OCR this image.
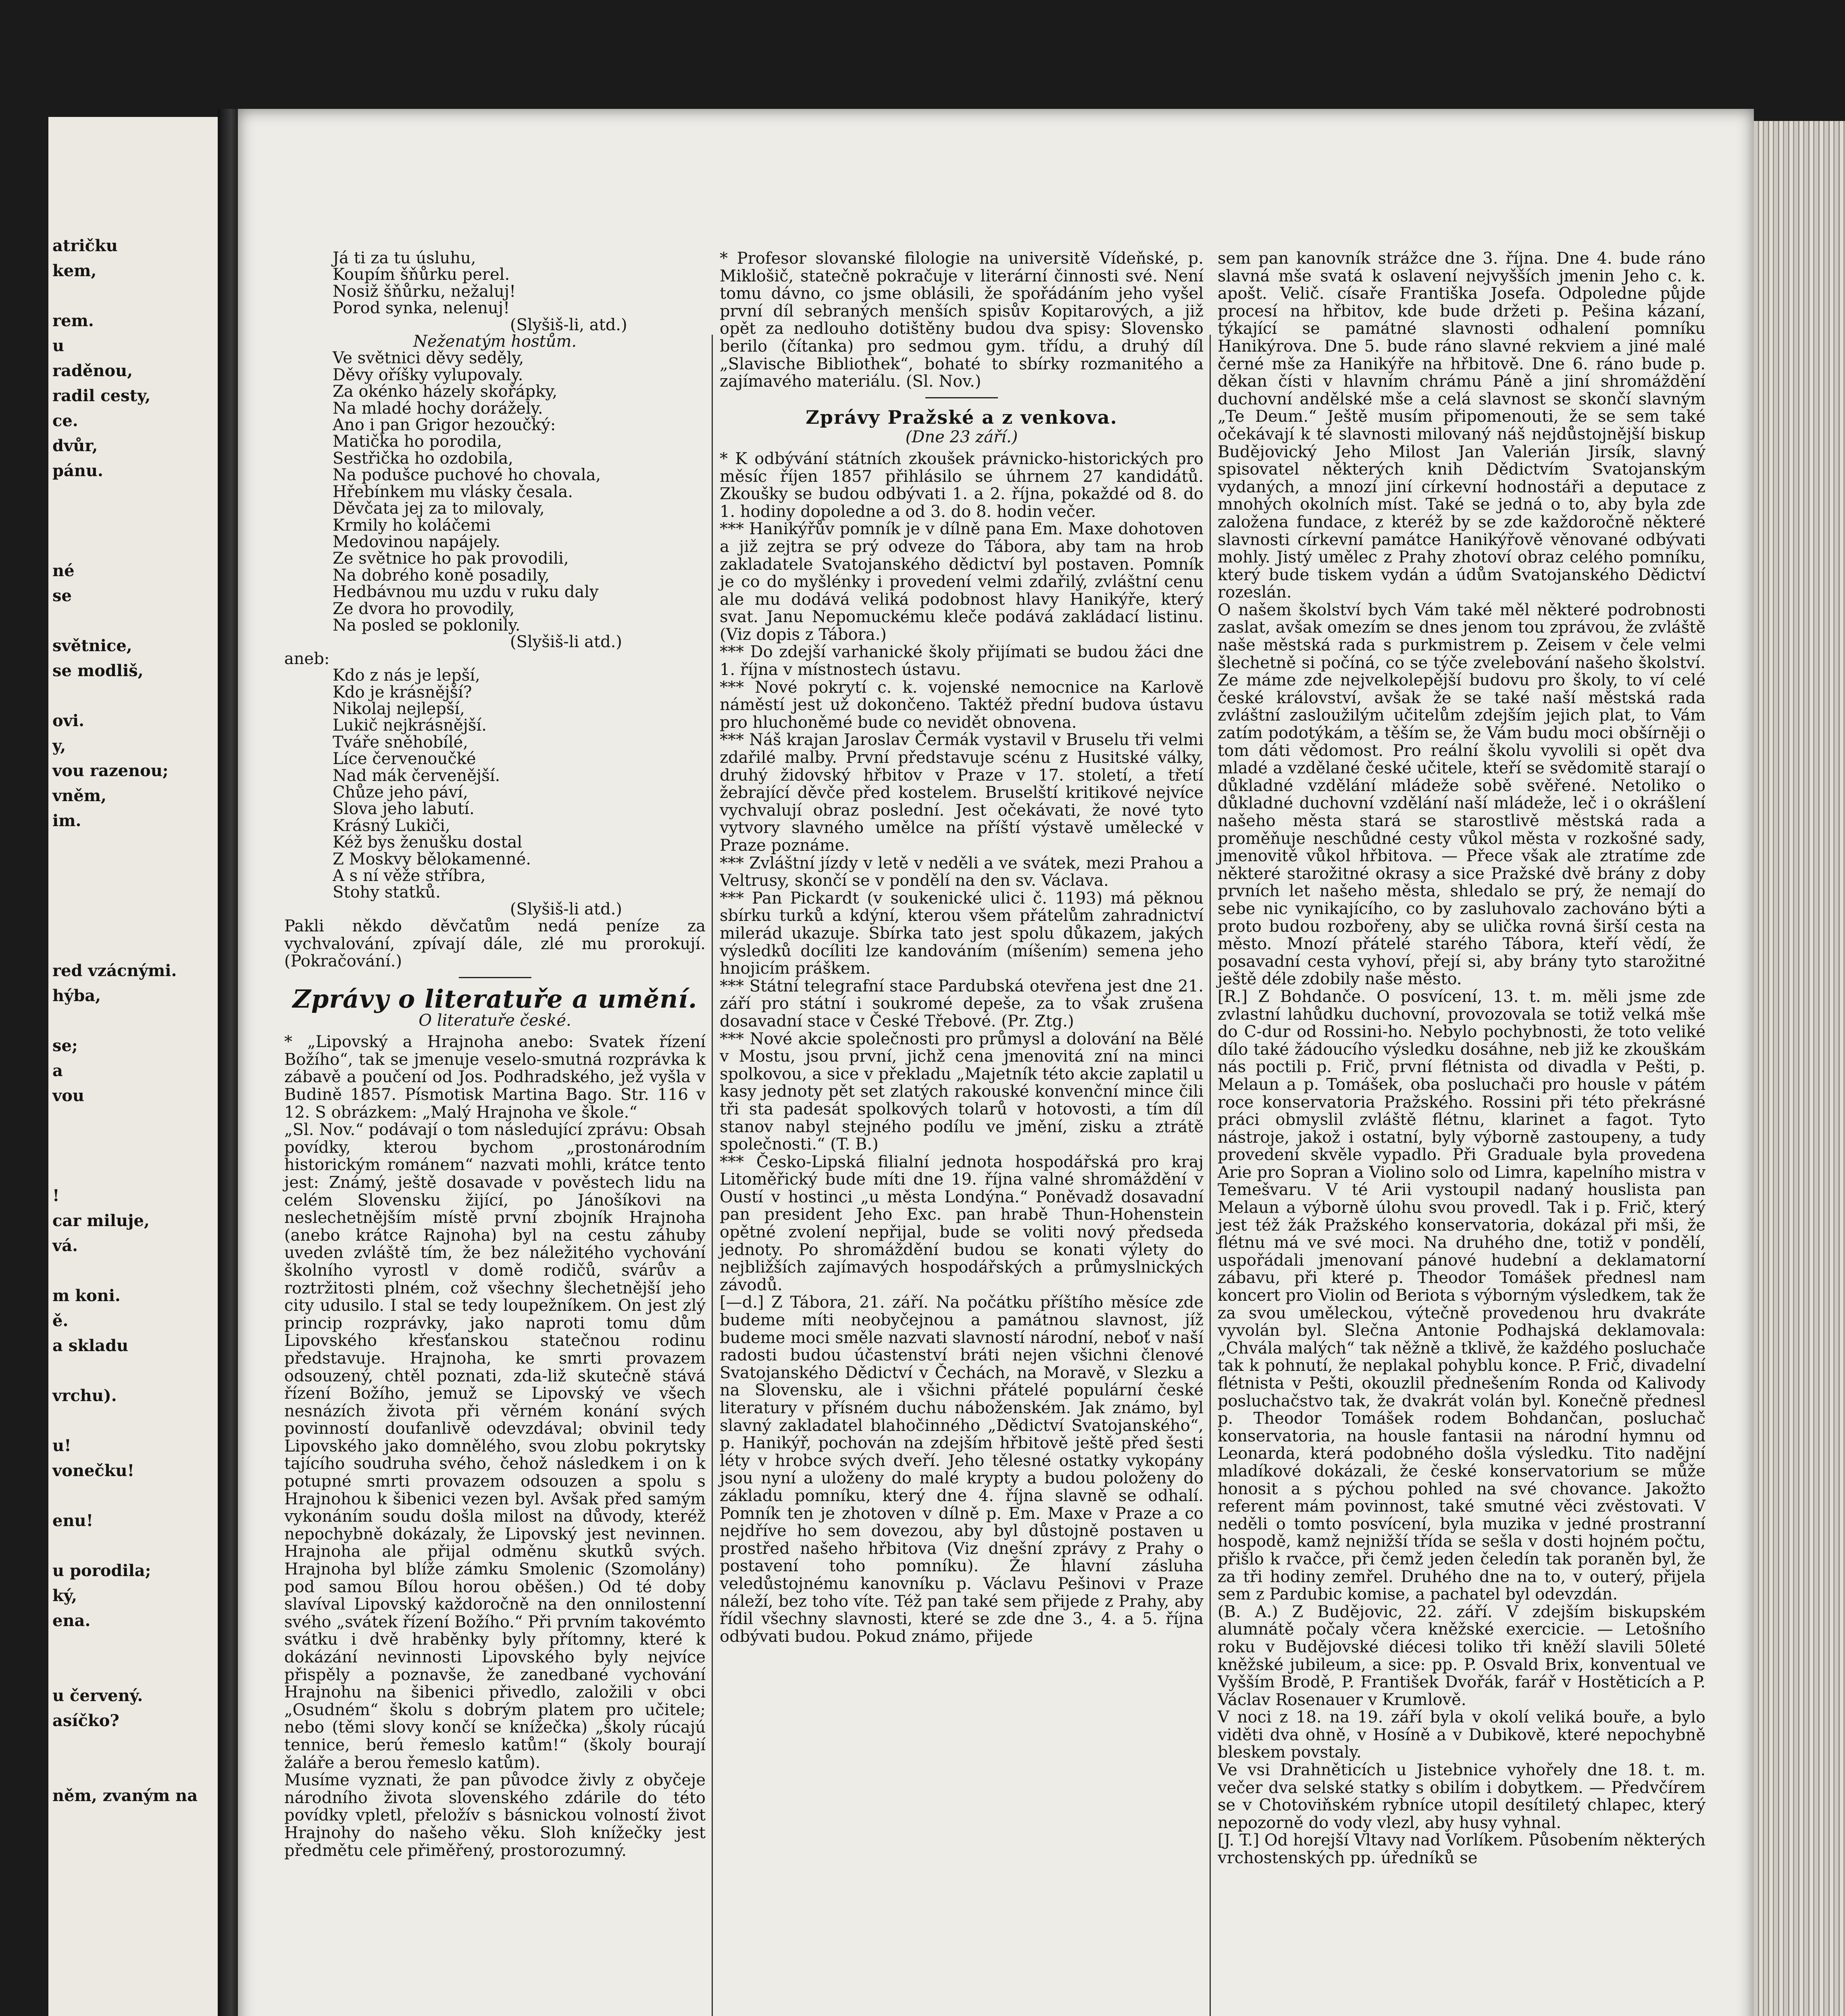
atričku
kem,
rem.
u
raděnou,
radil cesty,
ce.
dvůr,
pánu.
né
se
světnice,
se modliš,
ovi.
y,
vou razenou;
vněm,
im.
red vzácnými.
hýba,
se;
a
vou
!
car miluje,
vá.
m koni.
ě.
a skladu
vrchu).
u!
vonečku!
enu!
u porodila;
ký,
ena.
u červený.
asíčko?
něm, zvaným na
Já ti za tu úsluhu,
Koupím šňůrku perel.
Nosiž šňůrku, nežaluj!
Porod synka, nelenuj!
(Slyšiš-li, atd.)
Neženatým hostům.
Ve světnici děvy seděly,
Děvy oříšky vylupovaly.
Za okénko házely skořápky,
Na mladé hochy dorážely.
Ano i pan Grigor hezoučký:
Matička ho porodila,
Sestřička ho ozdobila,
Na podušce puchové ho chovala,
Hřebínkem mu vlásky česala.
Děvčata jej za to milovaly,
Krmily ho koláčemi
Medovinou napájely.
Ze světnice ho pak provodili,
Na dobrého koně posadily,
Hedbávnou mu uzdu v ruku daly
Ze dvora ho provodily,
Na posled se poklonily.
(Slyšiš-li atd.)
aneb:
Kdo z nás je lepší,
Kdo je krásnější?
Nikolaj nejlepší,
Lukič nejkrásnější.
Tváře sněhobílé,
Líce červenoučké
Nad mák červenější.
Chůze jeho páví,
Slova jeho labutí.
Krásný Lukiči,
Kéž bys ženušku dostal
Z Moskvy bělokamenné.
A s ní věže stříbra,
Stohy statků.
(Slyšiš-li atd.)

Pakli někdo děvčatům nedá peníze za vychvalování, zpívají dále, zlé mu prorokují. (Pokračování.)

Zprávy o literatuře a umění.
O literatuře české.

* „Lipovský a Hrajnoha anebo: Svatek řízení Božího“, tak se jmenuje veselo-smutná rozprávka k zábavě a poučení od Jos. Podhradského, jež vyšla v Budině 1857. Písmotisk Martina Bago. Str. 116 v 12. S obrázkem: „Malý Hrajnoha ve škole.“

„Sl. Nov.“ podávají o tom následující zprávu: Obsah povídky, kterou bychom „prostonárodním historickým románem“ nazvati mohli, krátce tento jest: Známý, ještě dosavade v pověstech lidu na celém Slovensku žijící, po Jánošíkovi na neslechetnějším místě první zbojník Hrajnoha (anebo krátce Rajnoha) byl na cestu záhuby uveden zvláště tím, že bez náležitého vychování školního vyrostl v domě rodičů, svárův a roztržitosti plném, což všechny šlechetnější jeho city udusilo. I stal se tedy loupežníkem. On jest zlý princip rozprávky, jako naproti tomu dům Lipovského křesťanskou statečnou rodinu představuje. Hrajnoha, ke smrti provazem odsouzený, chtěl poznati, zda-liž skutečně stává řízení Božího, jemuž se Lipovský ve všech nesnázích života při věrném konání svých povinností doufanlivě odevzdával; obvinil tedy Lipovského jako domnělého, svou zlobu pokrytsky tajícího soudruha svého, čehož následkem i on k potupné smrti provazem odsouzen a spolu s Hrajnohou k šibenici vezen byl. Avšak před samým vykonáním soudu došla milost na důvody, kteréž nepochybně dokázaly, že Lipovský jest nevinnen. Hrajnoha ale přijal odměnu skutků svých. Hrajnoha byl blíže zámku Smolenic (Szomolány) pod samou Bílou horou oběšen.) Od té doby slavíval Lipovský každoročně na den onnilostenní svého „svátek řízení Božího.“ Při prvním takovémto svátku i dvě hraběnky byly přítomny, které k dokázání nevinnosti Lipovského byly nejvíce přispěly a poznavše, že zanedbané vychování Hrajnohu na šibenici přivedlo, založili v obci „Osudném“ školu s dobrým platem pro učitele; nebo (těmi slovy končí se knížečka) „školy rúcajú tennice, berú řemeslo katům!“ (školy bourají žaláře a berou řemeslo katům).

Musíme vyznati, že pan původce živly z obyčeje národního života slovenského zdárile do této povídky vpletl, přeložív s básnickou volností život Hrajnohy do našeho věku. Sloh knížečky jest předmětu cele přiměřený, prostorozumný.

* Profesor slovanské filologie na universitě Vídeňské, p. Miklošič, statečně pokračuje v literární činnosti své. Není tomu dávno, co jsme oblásili, že spořádáním jeho vyšel první díl sebraných menších spisův Kopitarových, a již opět za nedlouho dotištěny budou dva spisy: Slovensko berilo (čítanka) pro sedmou gym. třídu, a druhý díl „Slavische Bibliothek“, bohaté to sbírky rozmanitého a zajímavého materiálu. (Sl. Nov.)

Zprávy Pražské a z venkova.
(Dne 23 září.)

* K odbývání státních zkoušek právnicko-historických pro měsíc říjen 1857 přihlásilo se úhrnem 27 kandidátů. Zkoušky se budou odbývati 1. a 2. října, pokaždé od 8. do 1. hodiny dopoledne a od 3. do 8. hodin večer.

*** Hanikýřův pomník je v dílně pana Em. Maxe dohotoven a již zejtra se prý odveze do Tábora, aby tam na hrob zakladatele Svatojanského dědictví byl postaven. Pomník je co do myšlénky i provedení velmi zdařilý, zvláštní cenu ale mu dodává veliká podobnost hlavy Hanikýře, který svat. Janu Nepomuckému kleče podává zakládací listinu. (Viz dopis z Tábora.)

*** Do zdejší varhanické školy přijímati se budou žáci dne 1. října v místnostech ústavu.

*** Nové pokrytí c. k. vojenské nemocnice na Karlově náměstí jest už dokončeno. Taktéž přední budova ústavu pro hluchoněmé bude co nevidět obnovena.

*** Náš krajan Jaroslav Čermák vystavil v Bruselu tři velmi zdařilé malby. První představuje scénu z Husitské války, druhý židovský hřbitov v Praze v 17. století, a třetí žebrající děvče před kostelem. Bruselští kritikové nejvíce vychvalují obraz poslední. Jest očekávati, že nové tyto vytvory slavného umělce na příští výstavě umělecké v Praze poznáme.

*** Zvláštní jízdy v letě v neděli a ve svátek, mezi Prahou a Veltrusy, skončí se v pondělí na den sv. Václava.

*** Pan Pickardt (v soukenické ulici č. 1193) má pěknou sbírku turků a kdýní, kterou všem přátelům zahradnictví milerád ukazuje. Sbírka tato jest spolu důkazem, jakých výsledků docíliti lze kandováním (míšením) semena jeho hnojicím práškem.

*** Státní telegrafní stace Pardubská otevřena jest dne 21. září pro státní i soukromé depeše, za to však zrušena dosavadní stace v České Třebové. (Pr. Ztg.)

*** Nové akcie společnosti pro průmysl a dolování na Bělé v Mostu, jsou první, jichž cena jmenovitá zní na minci spolkovou, a sice v překladu „Majetník této akcie zaplatil u kasy jednoty pět set zlatých rakouské konvenční mince čili tři sta padesát spolkových tolarů v hotovosti, a tím díl stanov nabyl stejného podílu ve jmění, zisku a ztrátě společnosti.“ (T. B.)

*** Česko-Lipská filialní jednota hospodářská pro kraj Litoměřický bude míti dne 19. října valné shromáždění v Oustí v hostinci „u města Londýna.“ Poněvadž dosavadní pan president Jeho Exc. pan hrabě Thun-Hohenstein opětné zvolení nepřijal, bude se voliti nový předseda jednoty. Po shromáždění budou se konati výlety do nejbližších zajímavých hospodářských a průmyslnických závodů.

[—d.] Z Tábora, 21. září. Na počátku příštího měsíce zde budeme míti neobyčejnou a památnou slavnost, jíž budeme moci směle nazvati slavností národní, neboť v naší radosti budou účastenství bráti nejen všichni členové Svatojanského Dědictví v Čechách, na Moravě, v Slezku a na Slovensku, ale i všichni přátelé populární české literatury v přísném duchu náboženském. Jak známo, byl slavný zakladatel blahočinného „Dědictví Svatojanského“, p. Hanikýř, pochován na zdejším hřbitově ještě před šesti léty v hrobce svých dveří. Jeho tělesné ostatky vykopány jsou nyní a uloženy do malé krypty a budou položeny do základu pomníku, který dne 4. října slavně se odhalí. Pomník ten je zhotoven v dílně p. Em. Maxe v Praze a co nejdříve ho sem dovezou, aby byl důstojně postaven u prostřed našeho hřbitova (Viz dnešní zprávy z Prahy o postavení toho pomníku). Že hlavní zásluha veledůstojnému kanovníku p. Václavu Pešinovi v Praze náleží, bez toho víte. Též pan také sem přijede z Prahy, aby řídil všechny slavnosti, které se zde dne 3., 4. a 5. října odbývati budou. Pokud známo, přijede

sem pan kanovník strážce dne 3. října. Dne 4. bude ráno slavná mše svatá k oslavení nejvyšších jmenin Jeho c. k. apošt. Velič. císaře Františka Josefa. Odpoledne půjde procesí na hřbitov, kde bude držeti p. Pešina kázaní, týkající se památné slavnosti odhalení pomníku Hanikýrova. Dne 5. bude ráno slavné rekviem a jiné malé černé mše za Hanikýře na hřbitově. Dne 6. ráno bude p. děkan čísti v hlavním chrámu Páně a jiní shromáždění duchovní andělské mše a celá slavnost se skončí slavným „Te Deum.“ Ještě musím připomenouti, že se sem také očekávají k té slavnosti milovaný náš nejdůstojnější biskup Budějovický Jeho Milost Jan Valerián Jirsík, slavný spisovatel některých knih Dědictvím Svatojanským vydaných, a mnozí jiní církevní hodnostáři a deputace z mnohých okolních míst. Také se jedná o to, aby byla zde založena fundace, z kteréž by se zde každoročně některé slavnosti církevní památce Hanikýřově věnované odbývati mohly. Jistý umělec z Prahy zhotoví obraz celého pomníku, který bude tiskem vydán a údům Svatojanského Dědictví rozeslán.

O našem školství bych Vám také měl některé podrobnosti zaslat, avšak omezím se dnes jenom tou zprávou, že zvláště naše městská rada s purkmistrem p. Zeisem v čele velmi šlechetně si počíná, co se týče zvelebování našeho školství. Ze máme zde nejvelkolepější budovu pro školy, to ví celé české království, avšak že se také naší městská rada zvláštní zasloužilým učitelům zdejším jejich plat, to Vám zatím podotýkám, a těším se, že Vám budu moci obšírněji o tom dáti vědomost. Pro reální školu vyvolili si opět dva mladé a vzdělané české učitele, kteří se svědomitě starají o důkladné vzdělání mládeže sobě svěřené. Netoliko o důkladné duchovní vzdělání naší mládeže, leč i o okrášlení našeho města stará se starostlivě městská rada a proměňuje neschůdné cesty vůkol města v rozkošné sady, jmenovitě vůkol hřbitova. — Přece však ale ztratíme zde některé starožitné okrasy a sice Pražské dvě brány z doby prvních let našeho města, shledalo se prý, že nemají do sebe nic vynikajícího, co by zasluhovalo zachováno býti a proto budou rozbořeny, aby se ulička rovná širší cesta na město. Mnozí přátelé starého Tábora, kteří vědí, že posavadní cesta vyhoví, přejí si, aby brány tyto starožitné ještě déle zdobily naše město.

[R.] Z Bohdanče. O posvícení, 13. t. m. měli jsme zde zvlastní lahůdku duchovní, provozovala se totiž velká mše do C-dur od Rossini-ho. Nebylo pochybnosti, že toto veliké dílo také žádoucího výsledku dosáhne, neb již ke zkouškám nás poctili p. Frič, první flétnista od divadla v Pešti, p. Melaun a p. Tomášek, oba posluchači pro housle v pátém roce konservatoria Pražského. Rossini při této překrásné práci obmyslil zvláště flétnu, klarinet a fagot. Tyto nástroje, jakož i ostatní, byly výborně zastoupeny, a tudy provedení skvěle vypadlo. Při Graduale byla provedena Arie pro Sopran a Violino solo od Limra, kapelního mistra v Temešvaru. V té Arii vystoupil nadaný houslista pan Melaun a výborně úlohu svou provedl. Tak i p. Frič, který jest též žák Pražského konservatoria, dokázal při mši, že flétnu má ve své moci. Na druhého dne, totiž v pondělí, uspořádali jmenovaní pánové hudební a deklamatorní zábavu, při které p. Theodor Tomášek přednesl nam koncert pro Violin od Beriota s výborným výsledkem, tak že za svou uměleckou, výtečně provedenou hru dvakráte vyvolán byl. Slečna Antonie Podhajská deklamovala: „Chvála malých“ tak něžně a tklivě, že každého posluchače tak k pohnutí, že neplakal pohyblu konce. P. Frič, divadelní flétnista v Pešti, okouzlil přednešením Ronda od Kalivody posluchačstvo tak, že dvakrát volán byl. Konečně přednesl p. Theodor Tomášek rodem Bohdančan, posluchač konservatoria, na housle fantasii na národní hymnu od Leonarda, která podobného došla výsledku. Tito nadějní mladíkové dokázali, že české konservatorium se může honosit a s pýchou pohled na své chovance. Jakožto referent mám povinnost, také smutné věci zvěstovati. V neděli o tomto posvícení, byla muzika v jedné prostranní hospodě, kamž nejnižší třída se sešla v dosti hojném počtu, přišlo k rvačce, při čemž jeden čeledín tak poraněn byl, že za tři hodiny zemřel. Druhého dne na to, v outerý, přijela sem z Pardubic komise, a pachatel byl odevzdán.

(B. A.) Z Budějovic, 22. září. V zdejším biskupském alumnátě počaly včera kněžské exercicie. — Letošního roku v Budějovské diécesi toliko tři kněží slavili 50leté kněžské jubileum, a sice: pp. P. Osvald Brix, konventual ve Vyšším Brodě, P. František Dvořák, farář v Hostěticích a P. Václav Rosenauer v Krumlově.

V noci z 18. na 19. září byla v okolí veliká bouře, a bylo viděti dva ohně, v Hosíně a v Dubikově, které nepochybně bleskem povstaly.

Ve vsi Drahněticích u Jistebnice vyhořely dne 18. t. m. večer dva selské statky s obilím i dobytkem. — Předvčírem se v Chotoviňském rybníce utopil desítiletý chlapec, který nepozorně do vody vlezl, aby husy vyhnal.

[J. T.] Od horejší Vltavy nad Vorlíkem. Působením některých vrchostenských pp. úředníků se
